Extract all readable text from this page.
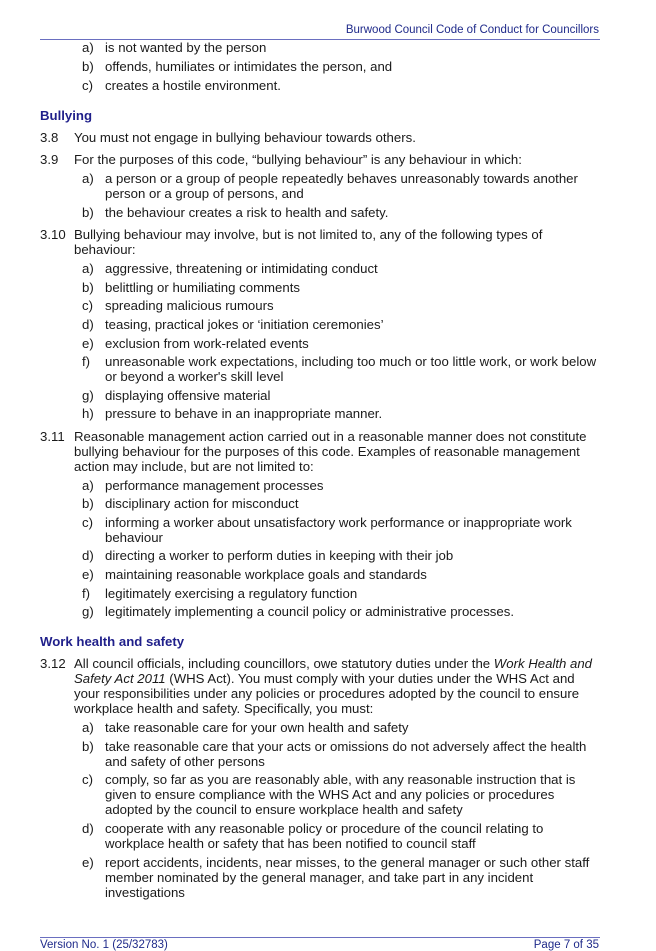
Burwood Council Code of Conduct for Councillors
a) is not wanted by the person
b) offends, humiliates or intimidates the person, and
c) creates a hostile environment.
Bullying
3.8 You must not engage in bullying behaviour towards others.
3.9 For the purposes of this code, “bullying behaviour” is any behaviour in which:
a) a person or a group of people repeatedly behaves unreasonably towards another
person or a group of persons, and
b) the behaviour creates a risk to health and safety.
3.10 Bullying behaviour may involve, but is not limited to, any of the following types of
behaviour:
a) aggressive, threatening or intimidating conduct
b) belittling or humiliating comments
c) spreading malicious rumours
d) teasing, practical jokes or ‘initiation ceremonies’
e) exclusion from work-related events
f) unreasonable work expectations, including too much or too little work, or work below
or beyond a worker's skill level
g) displaying offensive material
h) pressure to behave in an inappropriate manner.
3.11 Reasonable management action carried out in a reasonable manner does not constitute
bullying behaviour for the purposes of this code. Examples of reasonable management
action may include, but are not limited to:
a) performance management processes
b) disciplinary action for misconduct
c) informing a worker about unsatisfactory work performance or inappropriate work
behaviour
d) directing a worker to perform duties in keeping with their job
e) maintaining reasonable workplace goals and standards
f) legitimately exercising a regulatory function
g) legitimately implementing a council policy or administrative processes.
Work health and safety
3.12 All council officials, including councillors, owe statutory duties under the Work Health and
Safety Act 2011 (WHS Act). You must comply with your duties under the WHS Act and
your responsibilities under any policies or procedures adopted by the council to ensure
workplace health and safety. Specifically, you must:
a) take reasonable care for your own health and safety
b) take reasonable care that your acts or omissions do not adversely affect the health
and safety of other persons
c) comply, so far as you are reasonably able, with any reasonable instruction that is
given to ensure compliance with the WHS Act and any policies or procedures
adopted by the council to ensure workplace health and safety
d) cooperate with any reasonable policy or procedure of the council relating to
workplace health or safety that has been notified to council staff
e) report accidents, incidents, near misses, to the general manager or such other staff
member nominated by the general manager, and take part in any incident
investigations
Version No. 1 (25/32783)	Page 7 of 35
